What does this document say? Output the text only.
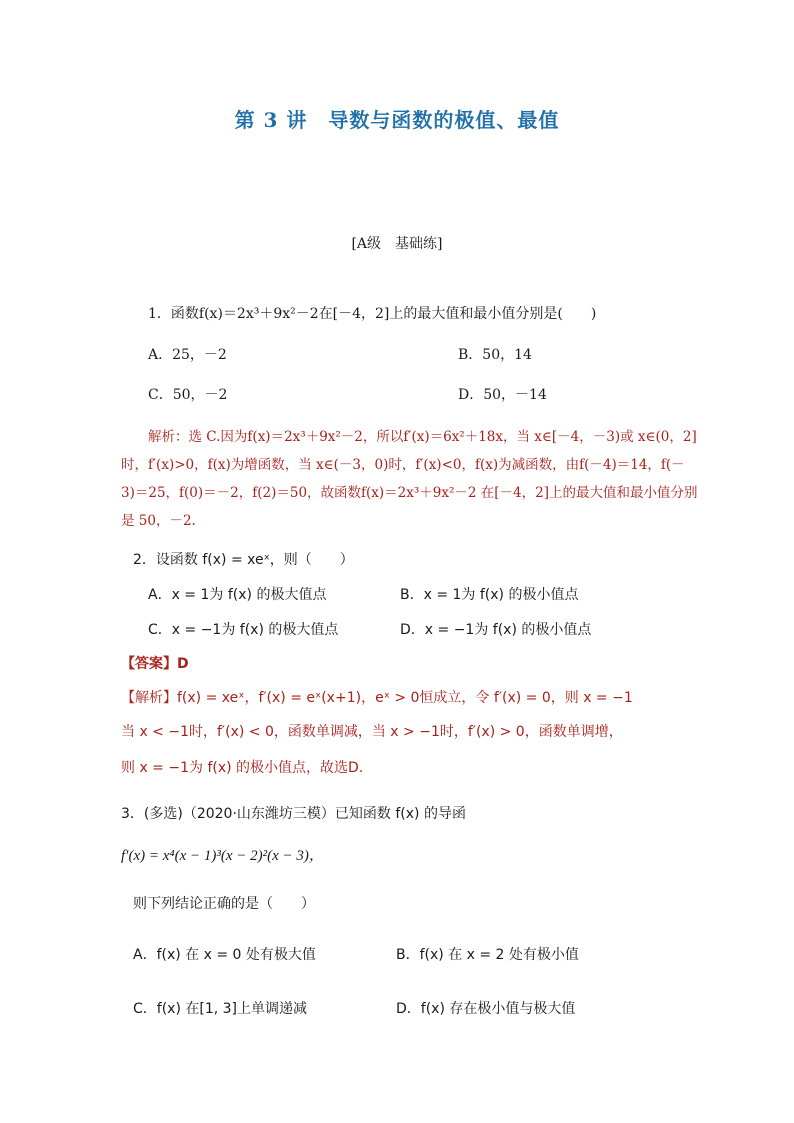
第 3 讲　导数与函数的极值、最值
[A级　基础练]
1．函数f(x)＝2x³＋9x²－2在[－4，2]上的最大值和最小值分别是(　　)
A．25，－2	B．50，14
C．50，－2	D．50，－14
解析：选 C.因为f(x)＝2x³＋9x²－2，所以f′(x)＝6x²＋18x，当 x∈[－4，－3)或 x∈(0，2]
时，f′(x)>0，f(x)为增函数，当 x∈(－3，0)时，f′(x)<0，f(x)为减函数，由f(－4)＝14，f(－
3)＝25，f(0)＝－2，f(2)＝50，故函数f(x)＝2x³＋9x²－2 在[－4，2]上的最大值和最小值分别
是 50，－2.
2．设函数 f(x) = xeˣ，则（　　）
A．x = 1为 f(x) 的极大值点	B．x = 1为 f(x) 的极小值点
C．x = −1为 f(x) 的极大值点	D．x = −1为 f(x) 的极小值点
【答案】D
【解析】f(x) = xeˣ，f′(x) = eˣ(x+1)，eˣ > 0恒成立，令 f′(x) = 0，则 x = −1
当 x < −1时，f′(x) < 0，函数单调减，当 x > −1时，f′(x) > 0，函数单调增，
则 x = −1为 f(x) 的极小值点，故选D.
3．(多选)（2020·山东潍坊三模）已知函数 f(x) 的导函
f′(x) = x⁴(x − 1)³(x − 2)²(x − 3)，
则下列结论正确的是（　　）
A．f(x) 在 x = 0 处有极大值	B．f(x) 在 x = 2 处有极小值
C．f(x) 在[1, 3]上单调递减	D．f(x) 存在极小值与极大值
